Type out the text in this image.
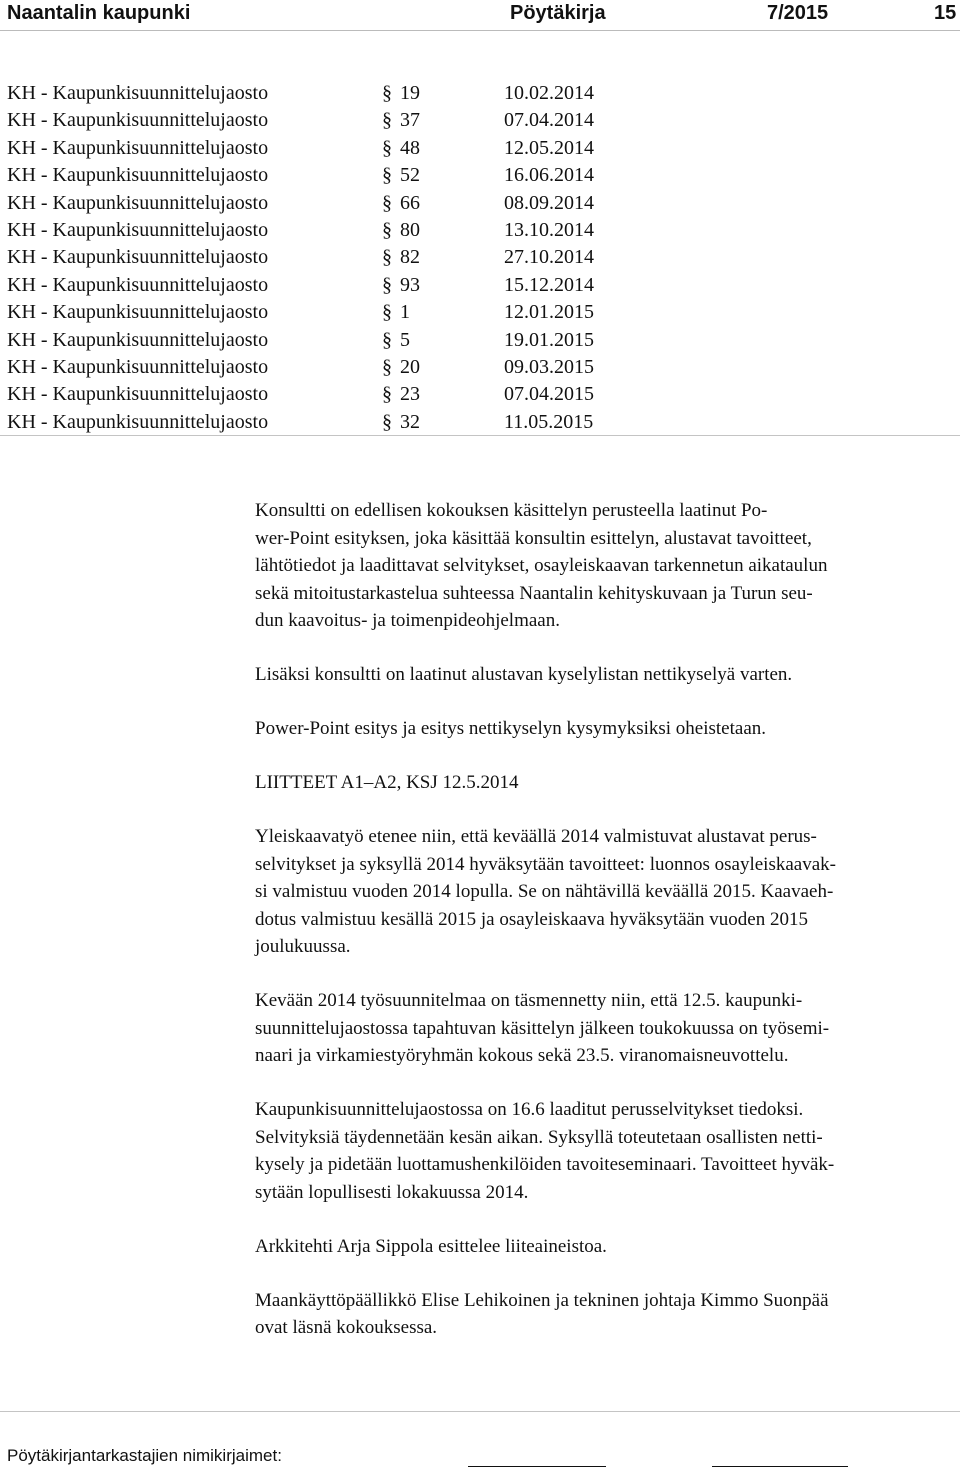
Naantalin kaupunki	Pöytäkirja	7/2015	15
KH - Kaupunkisuunnittelujaosto	§ 19	10.02.2014
KH - Kaupunkisuunnittelujaosto	§ 37	07.04.2014
KH - Kaupunkisuunnittelujaosto	§ 48	12.05.2014
KH - Kaupunkisuunnittelujaosto	§ 52	16.06.2014
KH - Kaupunkisuunnittelujaosto	§ 66	08.09.2014
KH - Kaupunkisuunnittelujaosto	§ 80	13.10.2014
KH - Kaupunkisuunnittelujaosto	§ 82	27.10.2014
KH - Kaupunkisuunnittelujaosto	§ 93	15.12.2014
KH - Kaupunkisuunnittelujaosto	§ 1	12.01.2015
KH - Kaupunkisuunnittelujaosto	§ 5	19.01.2015
KH - Kaupunkisuunnittelujaosto	§ 20	09.03.2015
KH - Kaupunkisuunnittelujaosto	§ 23	07.04.2015
KH - Kaupunkisuunnittelujaosto	§ 32	11.05.2015

Konsultti on edellisen kokouksen käsittelyn perusteella laatinut Po-
wer-Point esityksen, joka käsittää konsultin esittelyn, alustavat tavoitteet,
lähtötiedot ja laadittavat selvitykset, osayleiskaavan tarkennetun aikataulun
sekä mitoitustarkastelua suhteessa Naantalin kehityskuvaan ja Turun seu-
dun kaavoitus- ja toimenpideohjelmaan.

Lisäksi konsultti on laatinut alustavan kyselylistan nettikyselyä varten.

Power-Point esitys ja esitys nettikyselyn kysymyksiksi oheistetaan.

LIITTEET A1–A2, KSJ 12.5.2014

Yleiskaavatyö etenee niin, että keväällä 2014 valmistuvat alustavat perus-
selvitykset ja syksyllä 2014 hyväksytään tavoitteet: luonnos osayleiskaavak-
si valmistuu vuoden 2014 lopulla. Se on nähtävillä keväällä 2015. Kaavaeh-
dotus valmistuu kesällä 2015 ja osayleiskaava hyväksytään vuoden 2015
joulukuussa.

Kevään 2014 työsuunnitelmaa on täsmennetty niin, että 12.5. kaupunki-
suunnittelujaostossa tapahtuvan käsittelyn jälkeen toukokuussa on työsemi-
naari ja virkamiestyöryhmän kokous sekä 23.5. viranomaisneuvottelu.

Kaupunkisuunnittelujaostossa on 16.6 laaditut perusselvitykset tiedoksi.
Selvityksiä täydennetään kesän aikan. Syksyllä toteutetaan osallisten netti-
kysely ja pidetään luottamushenkilöiden tavoiteseminaari. Tavoitteet hyväk-
sytään lopullisesti lokakuussa 2014.

Arkkitehti Arja Sippola esittelee liiteaineistoa.

Maankäyttöpäällikkö Elise Lehikoinen ja tekninen johtaja Kimmo Suonpää
ovat läsnä kokouksessa.

Pöytäkirjantarkastajien nimikirjaimet:
